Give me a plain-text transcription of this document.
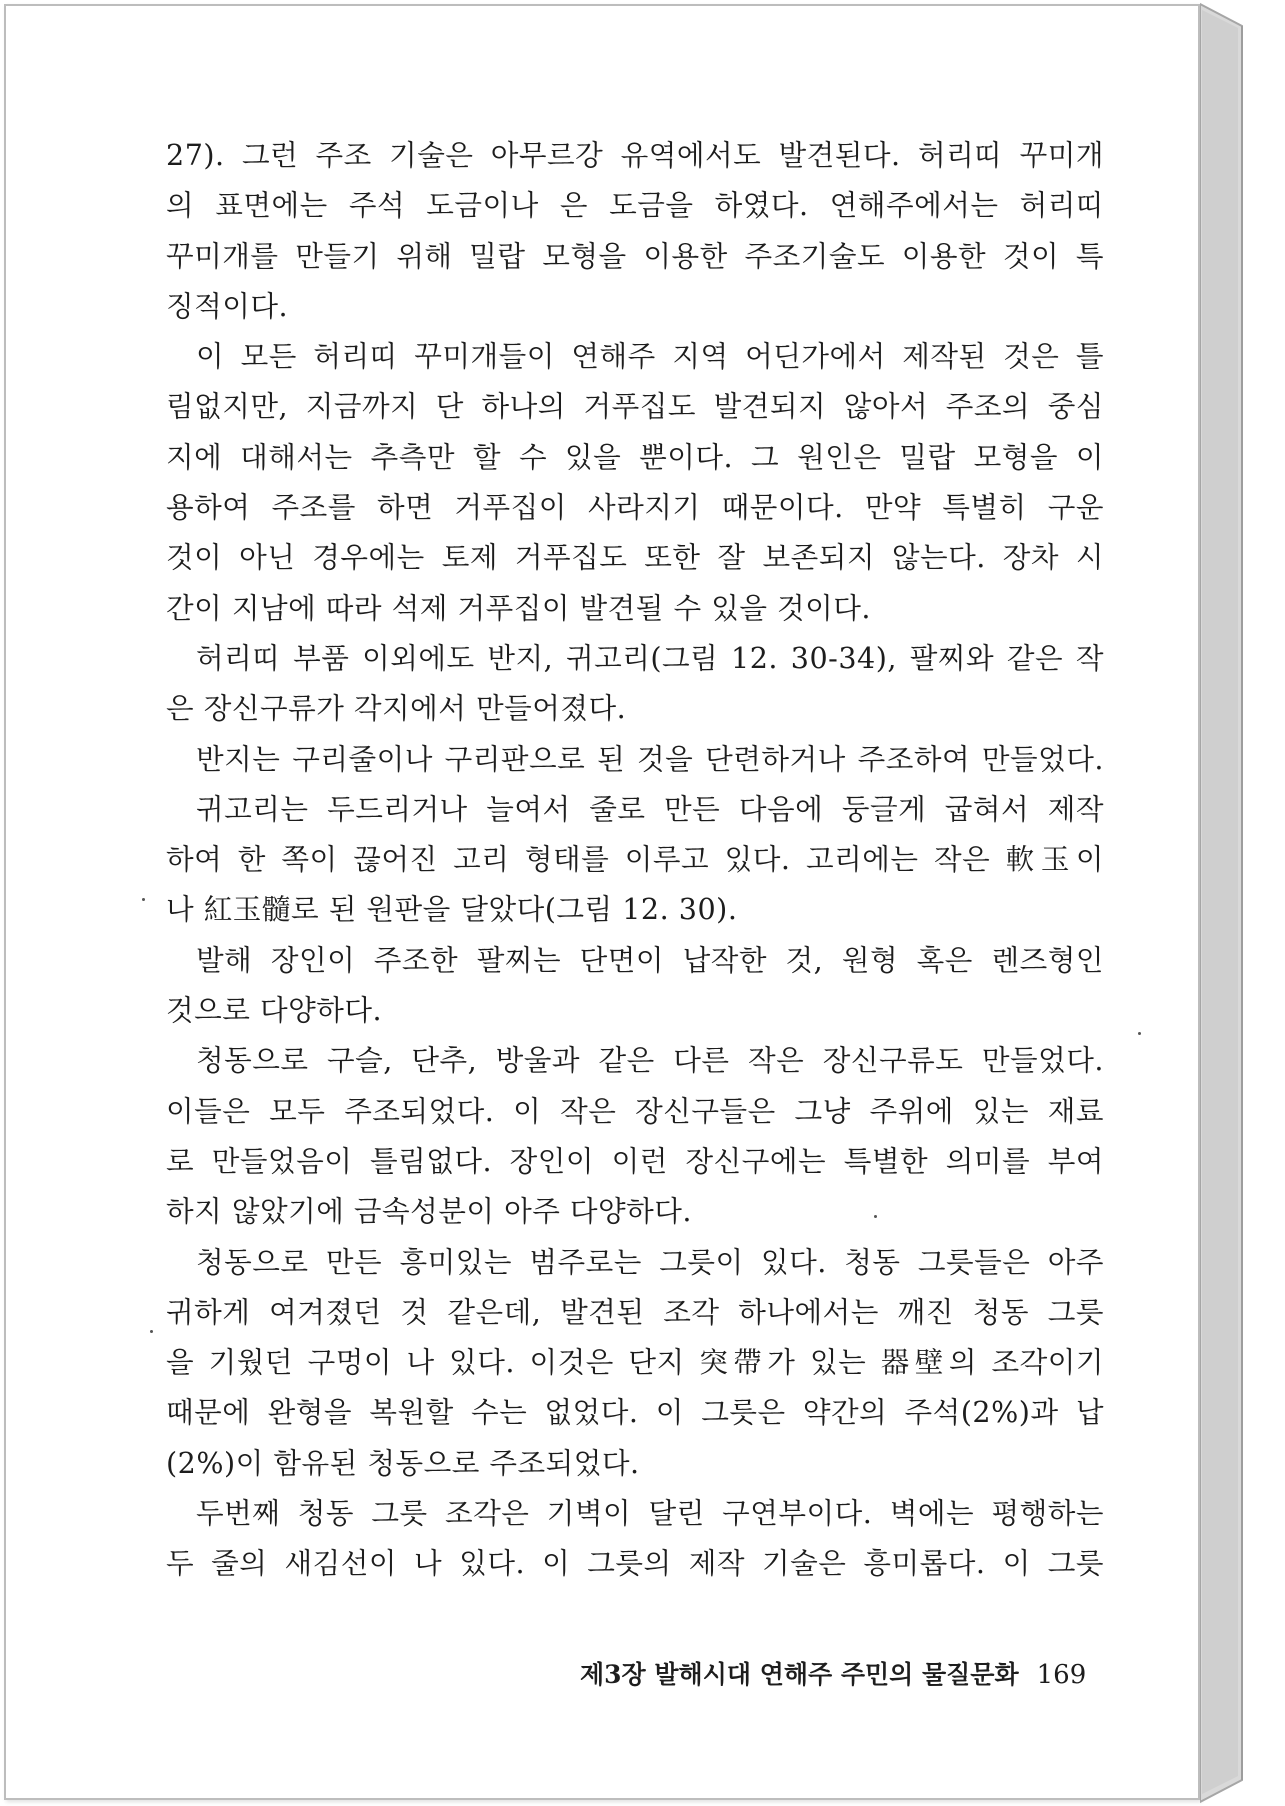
27). 그런 주조 기술은 아무르강 유역에서도 발견된다. 허리띠 꾸미개
의 표면에는 주석 도금이나 은 도금을 하였다. 연해주에서는 허리띠
꾸미개를 만들기 위해 밀랍 모형을 이용한 주조기술도 이용한 것이 특
징적이다.
이 모든 허리띠 꾸미개들이 연해주 지역 어딘가에서 제작된 것은 틀
림없지만, 지금까지 단 하나의 거푸집도 발견되지 않아서 주조의 중심
지에 대해서는 추측만 할 수 있을 뿐이다. 그 원인은 밀랍 모형을 이
용하여 주조를 하면 거푸집이 사라지기 때문이다. 만약 특별히 구운
것이 아닌 경우에는 토제 거푸집도 또한 잘 보존되지 않는다. 장차 시
간이 지남에 따라 석제 거푸집이 발견될 수 있을 것이다.
허리띠 부품 이외에도 반지, 귀고리(그림 12. 30-34), 팔찌와 같은 작
은 장신구류가 각지에서 만들어졌다.
반지는 구리줄이나 구리판으로 된 것을 단련하거나 주조하여 만들었다.
귀고리는 두드리거나 늘여서 줄로 만든 다음에 둥글게 굽혀서 제작
하여 한 쪽이 끊어진 고리 형태를 이루고 있다. 고리에는 작은 軟玉이
나 紅玉髓로 된 원판을 달았다(그림 12. 30).
발해 장인이 주조한 팔찌는 단면이 납작한 것, 원형 혹은 렌즈형인
것으로 다양하다.
청동으로 구슬, 단추, 방울과 같은 다른 작은 장신구류도 만들었다.
이들은 모두 주조되었다. 이 작은 장신구들은 그냥 주위에 있는 재료
로 만들었음이 틀림없다. 장인이 이런 장신구에는 특별한 의미를 부여
하지 않았기에 금속성분이 아주 다양하다.
청동으로 만든 흥미있는 범주로는 그릇이 있다. 청동 그릇들은 아주
귀하게 여겨졌던 것 같은데, 발견된 조각 하나에서는 깨진 청동 그릇
을 기웠던 구멍이 나 있다. 이것은 단지 突帶가 있는 器壁의 조각이기
때문에 완형을 복원할 수는 없었다. 이 그릇은 약간의 주석(2%)과 납
(2%)이 함유된 청동으로 주조되었다.
두번째 청동 그릇 조각은 기벽이 달린 구연부이다. 벽에는 평행하는
두 줄의 새김선이 나 있다. 이 그릇의 제작 기술은 흥미롭다. 이 그릇
제3장 발해시대 연해주 주민의 물질문화 169
